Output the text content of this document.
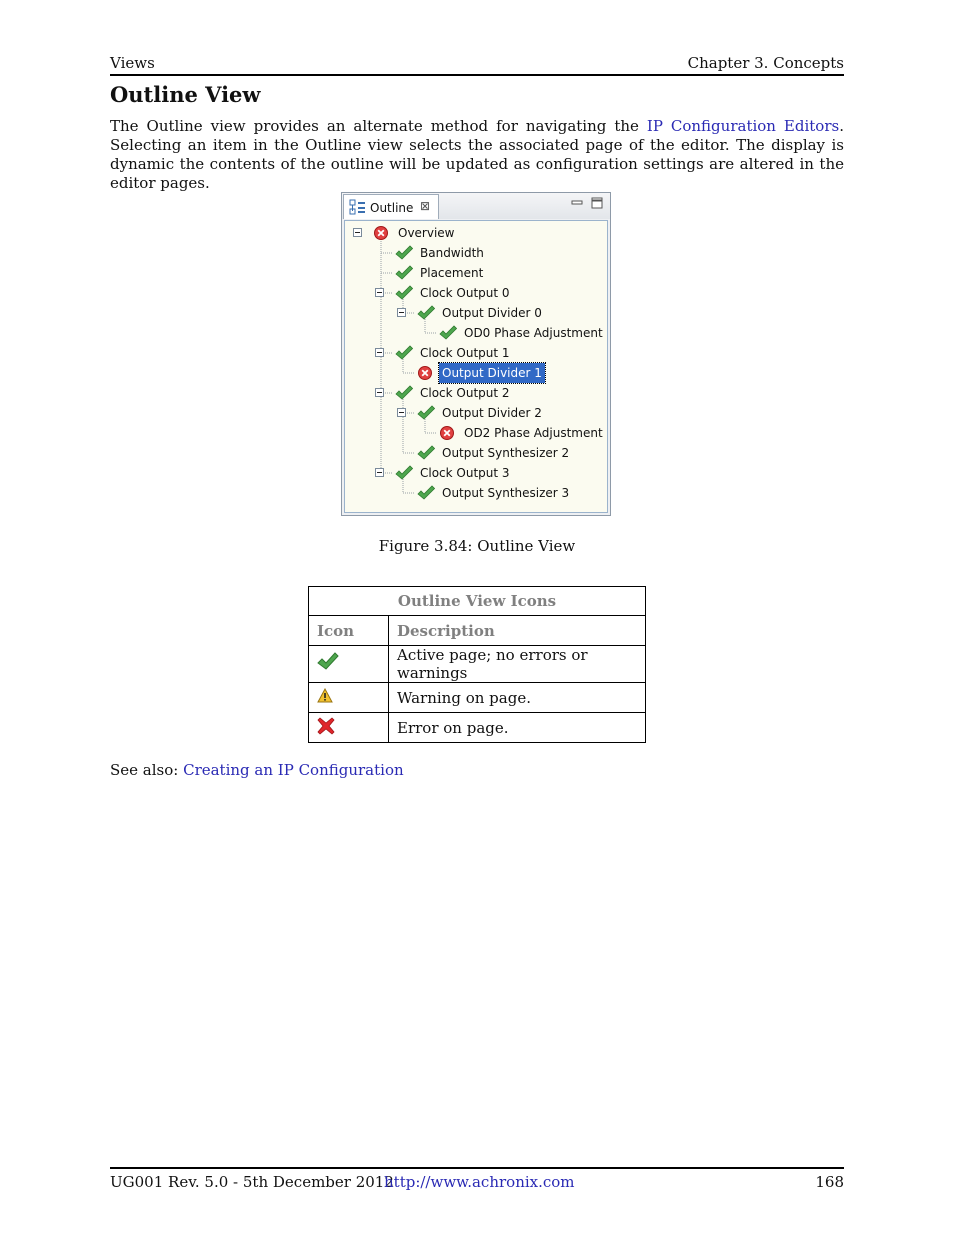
Views	Chapter 3. Concepts
Outline View
The Outline view provides an alternate method for navigating the IP Configuration Editors. Selecting an item in the Outline view selects the associated page of the editor. The display is dynamic the contents of the outline will be updated as configuration settings are altered in the editor pages.
Outline ⊠
Overview
Bandwidth
Placement
Clock Output 0
Output Divider 0
OD0 Phase Adjustment
Clock Output 1
Output Divider 1
Clock Output 2
Output Divider 2
OD2 Phase Adjustment
Output Synthesizer 2
Clock Output 3
Output Synthesizer 3
Figure 3.84: Outline View
Outline View Icons	
Icon	Description
	Active page; no errors or warnings
	Warning on page.
	Error on page.
See also: Creating an IP Configuration
UG001 Rev. 5.0 - 5th December 2012
http://www.achronix.com	168
